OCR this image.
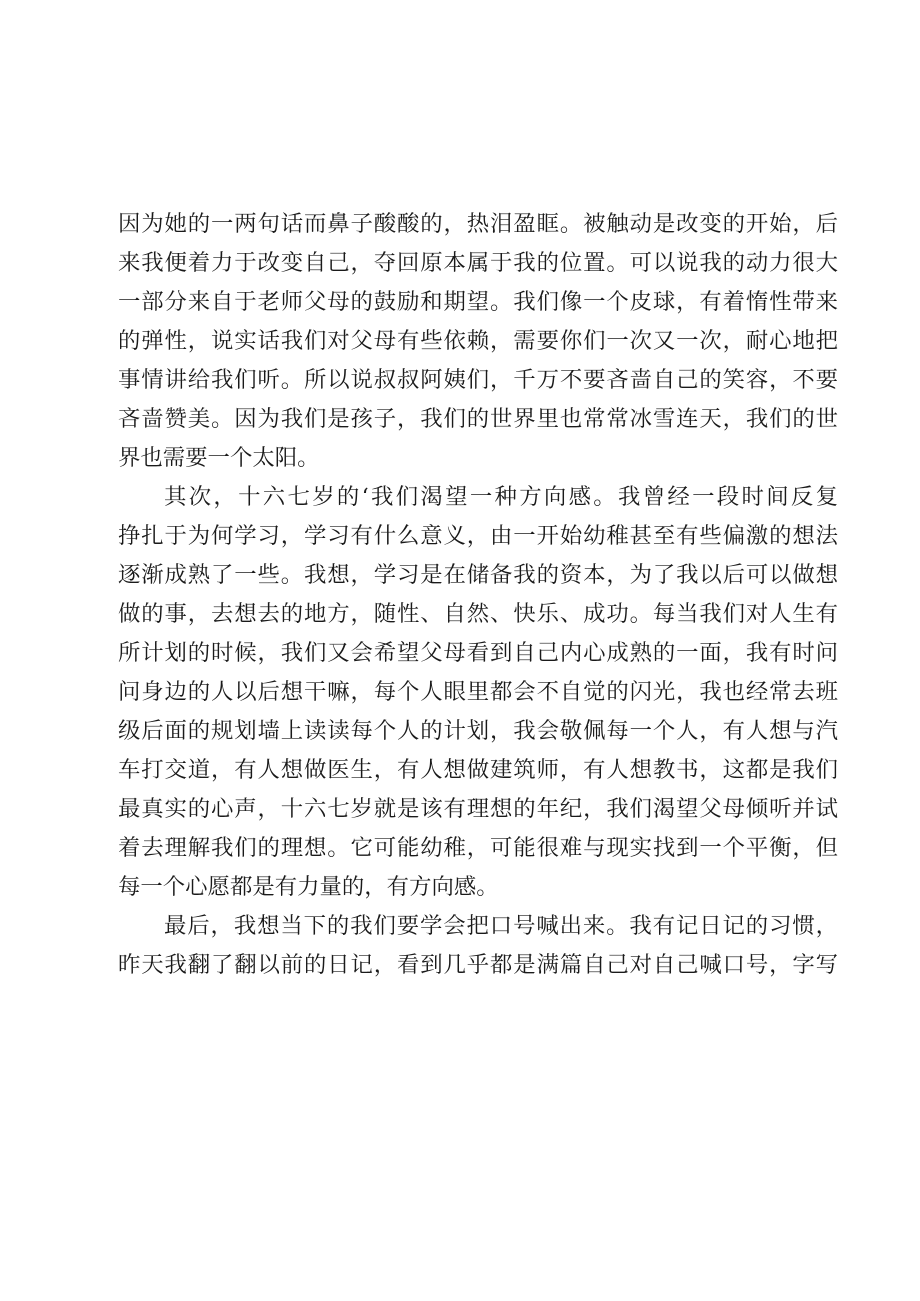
因为她的一两句话而鼻子酸酸的，热泪盈眶。被触动是改变的开始，后
来我便着力于改变自己，夺回原本属于我的位置。可以说我的动力很大
一部分来自于老师父母的鼓励和期望。我们像一个皮球，有着惰性带来
的弹性，说实话我们对父母有些依赖，需要你们一次又一次，耐心地把
事情讲给我们听。所以说叔叔阿姨们，千万不要吝啬自己的笑容，不要
吝啬赞美。因为我们是孩子，我们的世界里也常常冰雪连天，我们的世
界也需要一个太阳。
其次，十六七岁的‘我们渴望一种方向感。我曾经一段时间反复
挣扎于为何学习，学习有什么意义，由一开始幼稚甚至有些偏激的想法
逐渐成熟了一些。我想，学习是在储备我的资本，为了我以后可以做想
做的事，去想去的地方，随性、自然、快乐、成功。每当我们对人生有
所计划的时候，我们又会希望父母看到自己内心成熟的一面，我有时问
问身边的人以后想干嘛，每个人眼里都会不自觉的闪光，我也经常去班
级后面的规划墙上读读每个人的计划，我会敬佩每一个人，有人想与汽
车打交道，有人想做医生，有人想做建筑师，有人想教书，这都是我们
最真实的心声，十六七岁就是该有理想的年纪，我们渴望父母倾听并试
着去理解我们的理想。它可能幼稚，可能很难与现实找到一个平衡，但
每一个心愿都是有力量的，有方向感。
最后，我想当下的我们要学会把口号喊出来。我有记日记的习惯，
昨天我翻了翻以前的日记，看到几乎都是满篇自己对自己喊口号，字写
